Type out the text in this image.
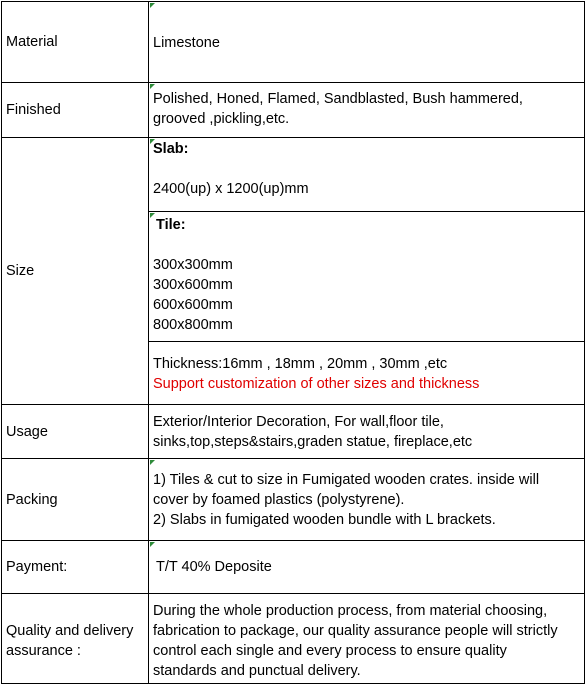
Material	Limestone
Finished
Polished, Honed, Flamed, Sandblasted, Bush hammered,
grooved ,pickling,etc.
Size
Slab:
2400(up) x 1200(up)mm
Tile:
300x300mm
300x600mm
600x600mm
800x800mm
Thickness:16mm , 18mm , 20mm , 30mm ,etc
Support customization of other sizes and thickness
Usage
Exterior/Interior Decoration, For wall,floor tile,
sinks,top,steps&stairs,graden statue, fireplace,etc
Packing
1) Tiles & cut to size in Fumigated wooden crates. inside will
cover by foamed plastics (polystyrene).
2) Slabs in fumigated wooden bundle with L brackets.
Payment:	T/T 40% Deposite
Quality and delivery
assurance :
During the whole production process, from material choosing,
fabrication to package, our quality assurance people will strictly
control each single and every process to ensure quality
standards and punctual delivery.
